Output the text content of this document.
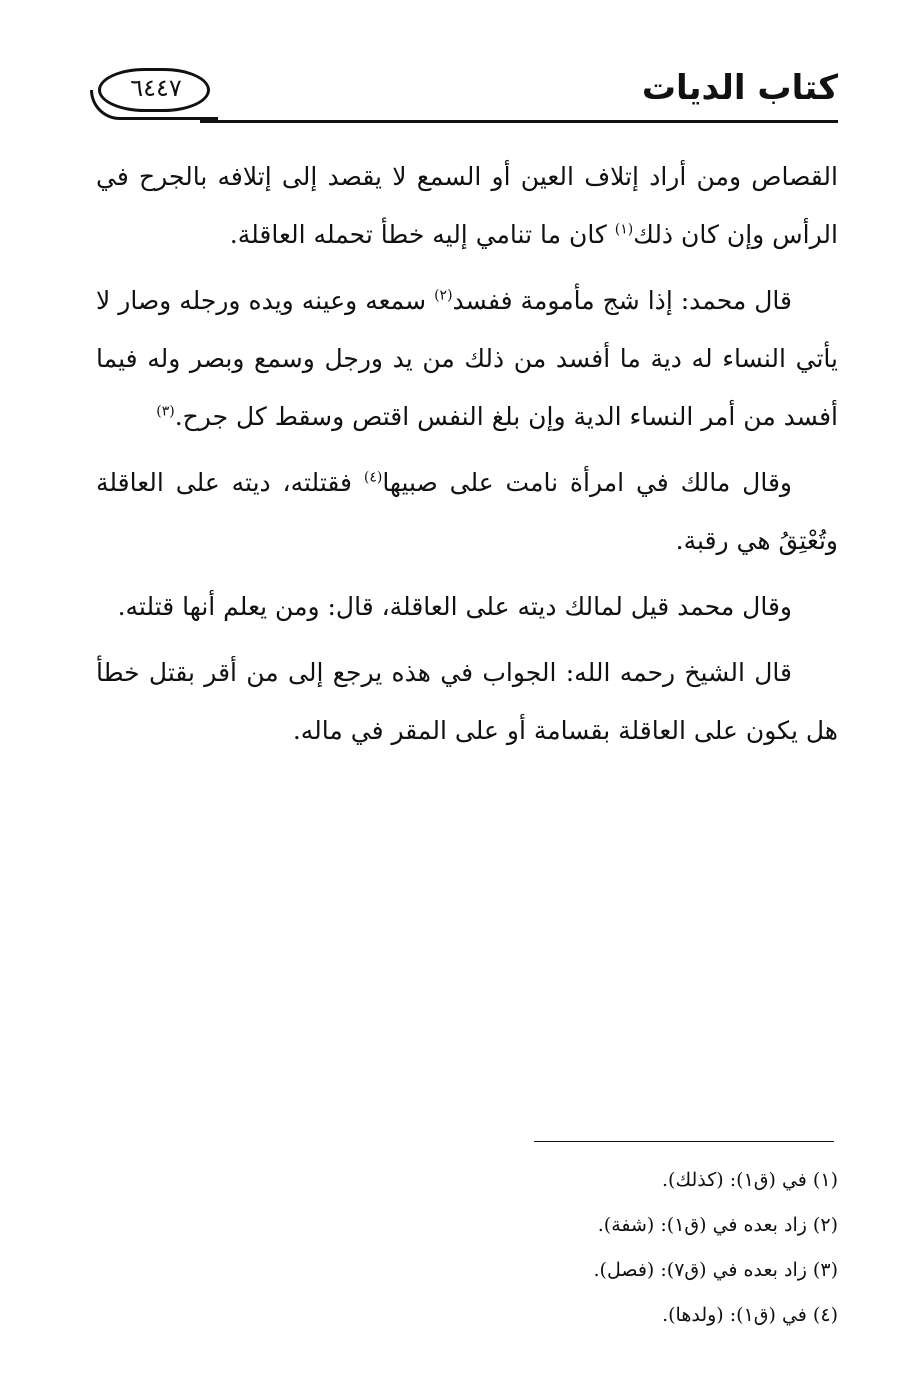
كتاب الديات
٦٤٤٧

القصاص ومن أراد إتلاف العين أو السمع لا يقصد إلى إتلافه بالجرح في الرأس وإن كان ذلك$^{(١)}$ كان ما تنامي إليه خطأ تحمله العاقلة.

قال محمد: إذا شج مأمومة ففسد$^{(٢)}$ سمعه وعينه ويده ورجله وصار لا يأتي النساء له دية ما أفسد من ذلك من يد ورجل وسمع وبصر وله فيما أفسد من أمر النساء الدية وإن بلغ النفس اقتص وسقط كل جرح.$^{(٣)}$

وقال مالك في امرأة نامت على صبيها$^{(٤)}$ فقتلته، ديته على العاقلة وتُعْتِقُ هي رقبة.

وقال محمد قيل لمالك ديته على العاقلة، قال: ومن يعلم أنها قتلته.

قال الشيخ رحمه الله: الجواب في هذه يرجع إلى من أقر بقتل خطأ هل يكون على العاقلة بقسامة أو على المقر في ماله.

(١) في (ق١): (كذلك).

(٢) زاد بعده في (ق١): (شفة).

(٣) زاد بعده في (ق٧): (فصل).

(٤) في (ق١): (ولدها).
